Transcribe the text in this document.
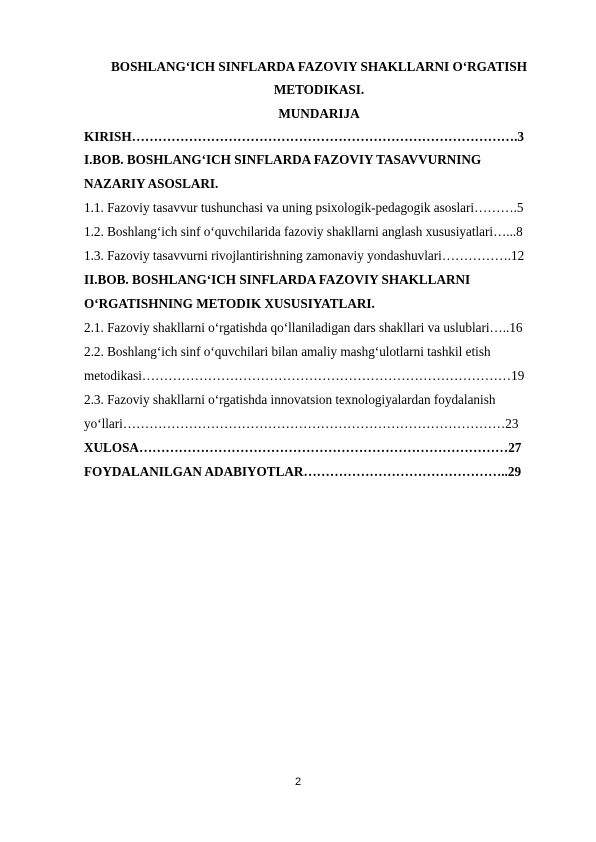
BOSHLANG‘ICH SINFLARDA FAZOVIY SHAKLLARNI O‘RGATISH

METODIKASI.

MUNDARIJA

KIRISH…………………………………………………………………………….3
I.BOB. BOSHLANG‘ICH SINFLARDA FAZOVIY TASAVVURNING
NAZARIY ASOSLARI.
1.1. Fazoviy tasavvur tushunchasi va uning psixologik-pedagogik asoslari……….5
1.2. Boshlang‘ich sinf o‘quvchilarida fazoviy shakllarni anglash xususiyatlari…...8
1.3. Fazoviy tasavvurni rivojlantirishning zamonaviy yondashuvlari…………….12
II.BOB. BOSHLANG‘ICH SINFLARDA FAZOVIY SHAKLLARNI
O‘RGATISHNING METODIK XUSUSIYATLARI.
2.1. Fazoviy shakllarni o‘rgatishda qo‘llaniladigan dars shakllari va uslublari…..16
2.2. Boshlang‘ich sinf o‘quvchilari bilan amaliy mashg‘ulotlarni tashkil etish
metodikasi…………………………………………………………………………19
2.3. Fazoviy shakllarni o‘rgatishda innovatsion texnologiyalardan foydalanish
yo‘llari……………………………………………………………………………23
XULOSA…………………………………………………………………………27
FOYDALANILGAN ADABIYOTLAR………………………………………..29
2
